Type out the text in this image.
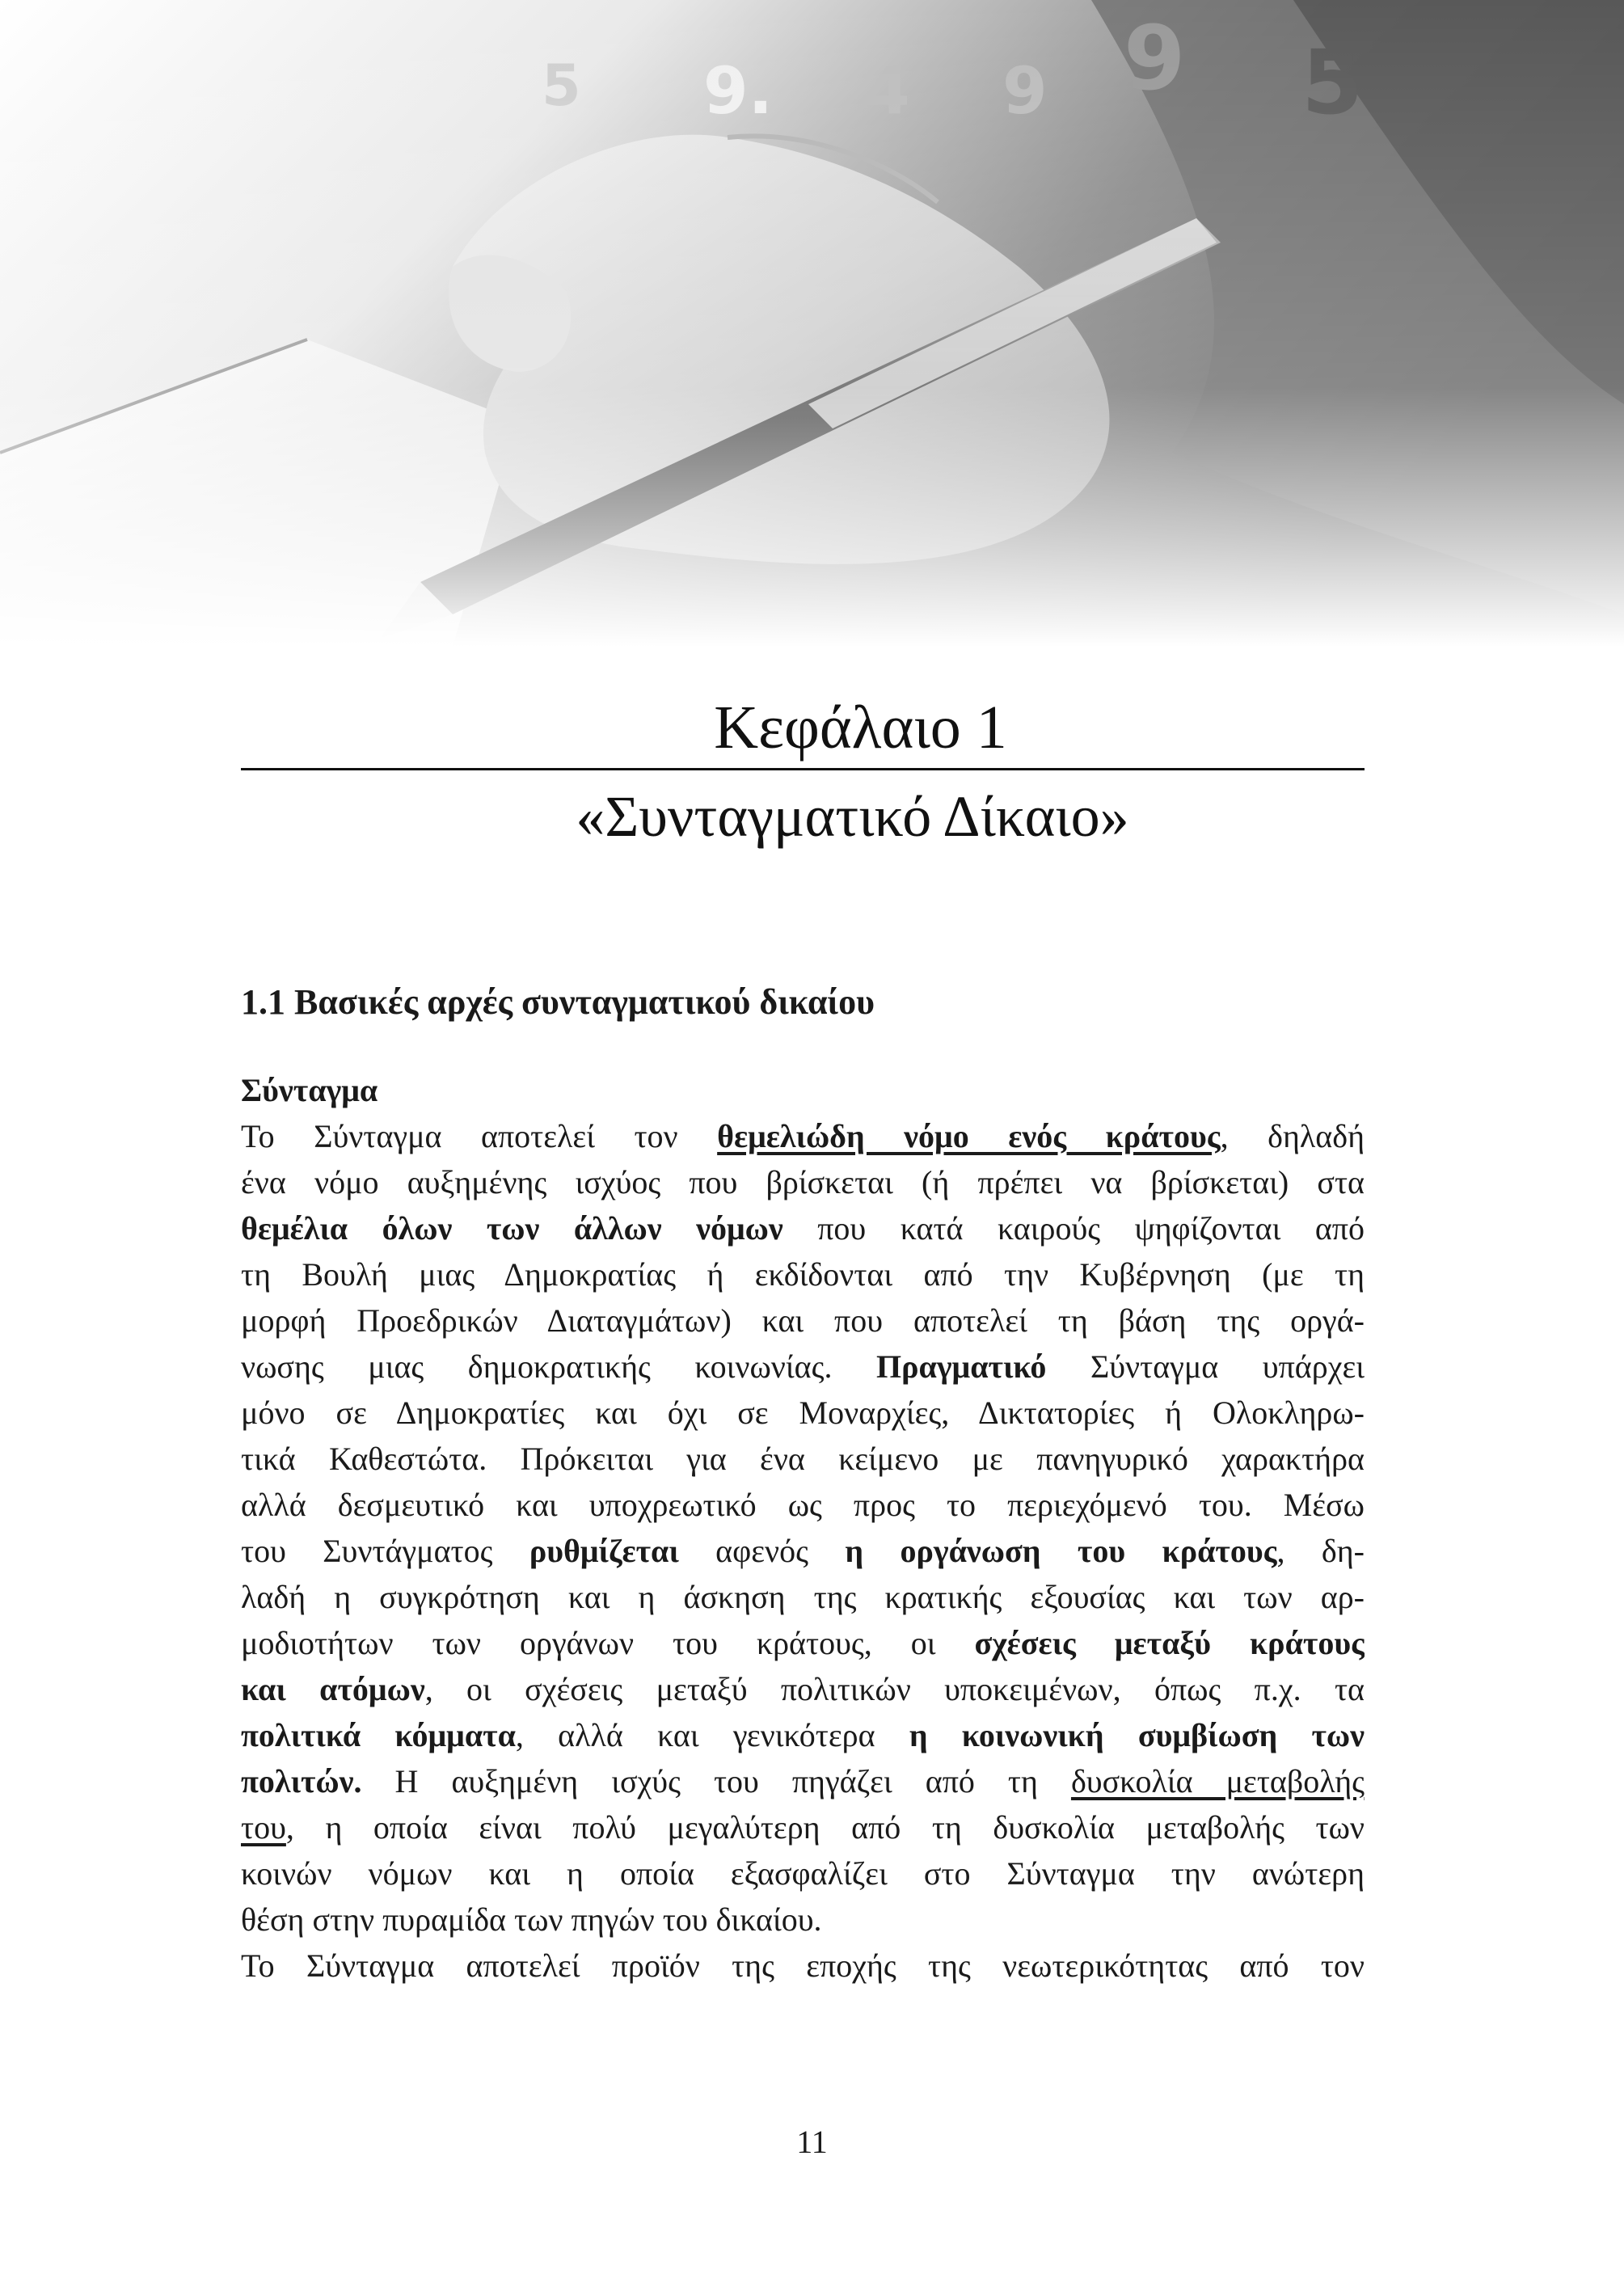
Κεφάλαιο 1
«Συνταγματικό Δίκαιο»
1.1 Βασικές αρχές συνταγματικού δικαίου
Σύνταγμα
Το Σύνταγμα αποτελεί τον θεμελιώδη νόμο ενός κράτους, δηλαδή
ένα νόμο αυξημένης ισχύος που βρίσκεται (ή πρέπει να βρίσκεται) στα
θεμέλια όλων των άλλων νόμων που κατά καιρούς ψηφίζονται από
τη Βουλή μιας Δημοκρατίας ή εκδίδονται από την Κυβέρνηση (με τη
μορφή Προεδρικών Διαταγμάτων) και που αποτελεί τη βάση της οργά-
νωσης μιας δημοκρατικής κοινωνίας. Πραγματικό Σύνταγμα υπάρχει
μόνο σε Δημοκρατίες και όχι σε Μοναρχίες, Δικτατορίες ή Ολοκληρω-
τικά Καθεστώτα. Πρόκειται για ένα κείμενο με πανηγυρικό χαρακτήρα
αλλά δεσμευτικό και υποχρεωτικό ως προς το περιεχόμενό του. Μέσω
του Συντάγματος ρυθμίζεται αφενός η οργάνωση του κράτους, δη-
λαδή η συγκρότηση και η άσκηση της κρατικής εξουσίας και των αρ-
μοδιοτήτων των οργάνων του κράτους, οι σχέσεις μεταξύ κράτους
και ατόμων, οι σχέσεις μεταξύ πολιτικών υποκειμένων, όπως π.χ. τα
πολιτικά κόμματα, αλλά και γενικότερα η κοινωνική συμβίωση των
πολιτών. Η αυξημένη ισχύς του πηγάζει από τη δυσκολία μεταβολής
του, η οποία είναι πολύ μεγαλύτερη από τη δυσκολία μεταβολής των
κοινών νόμων και η οποία εξασφαλίζει στο Σύνταγμα την ανώτερη
θέση στην πυραμίδα των πηγών του δικαίου.
Το Σύνταγμα αποτελεί προϊόν της εποχής της νεωτερικότητας από τον
11
